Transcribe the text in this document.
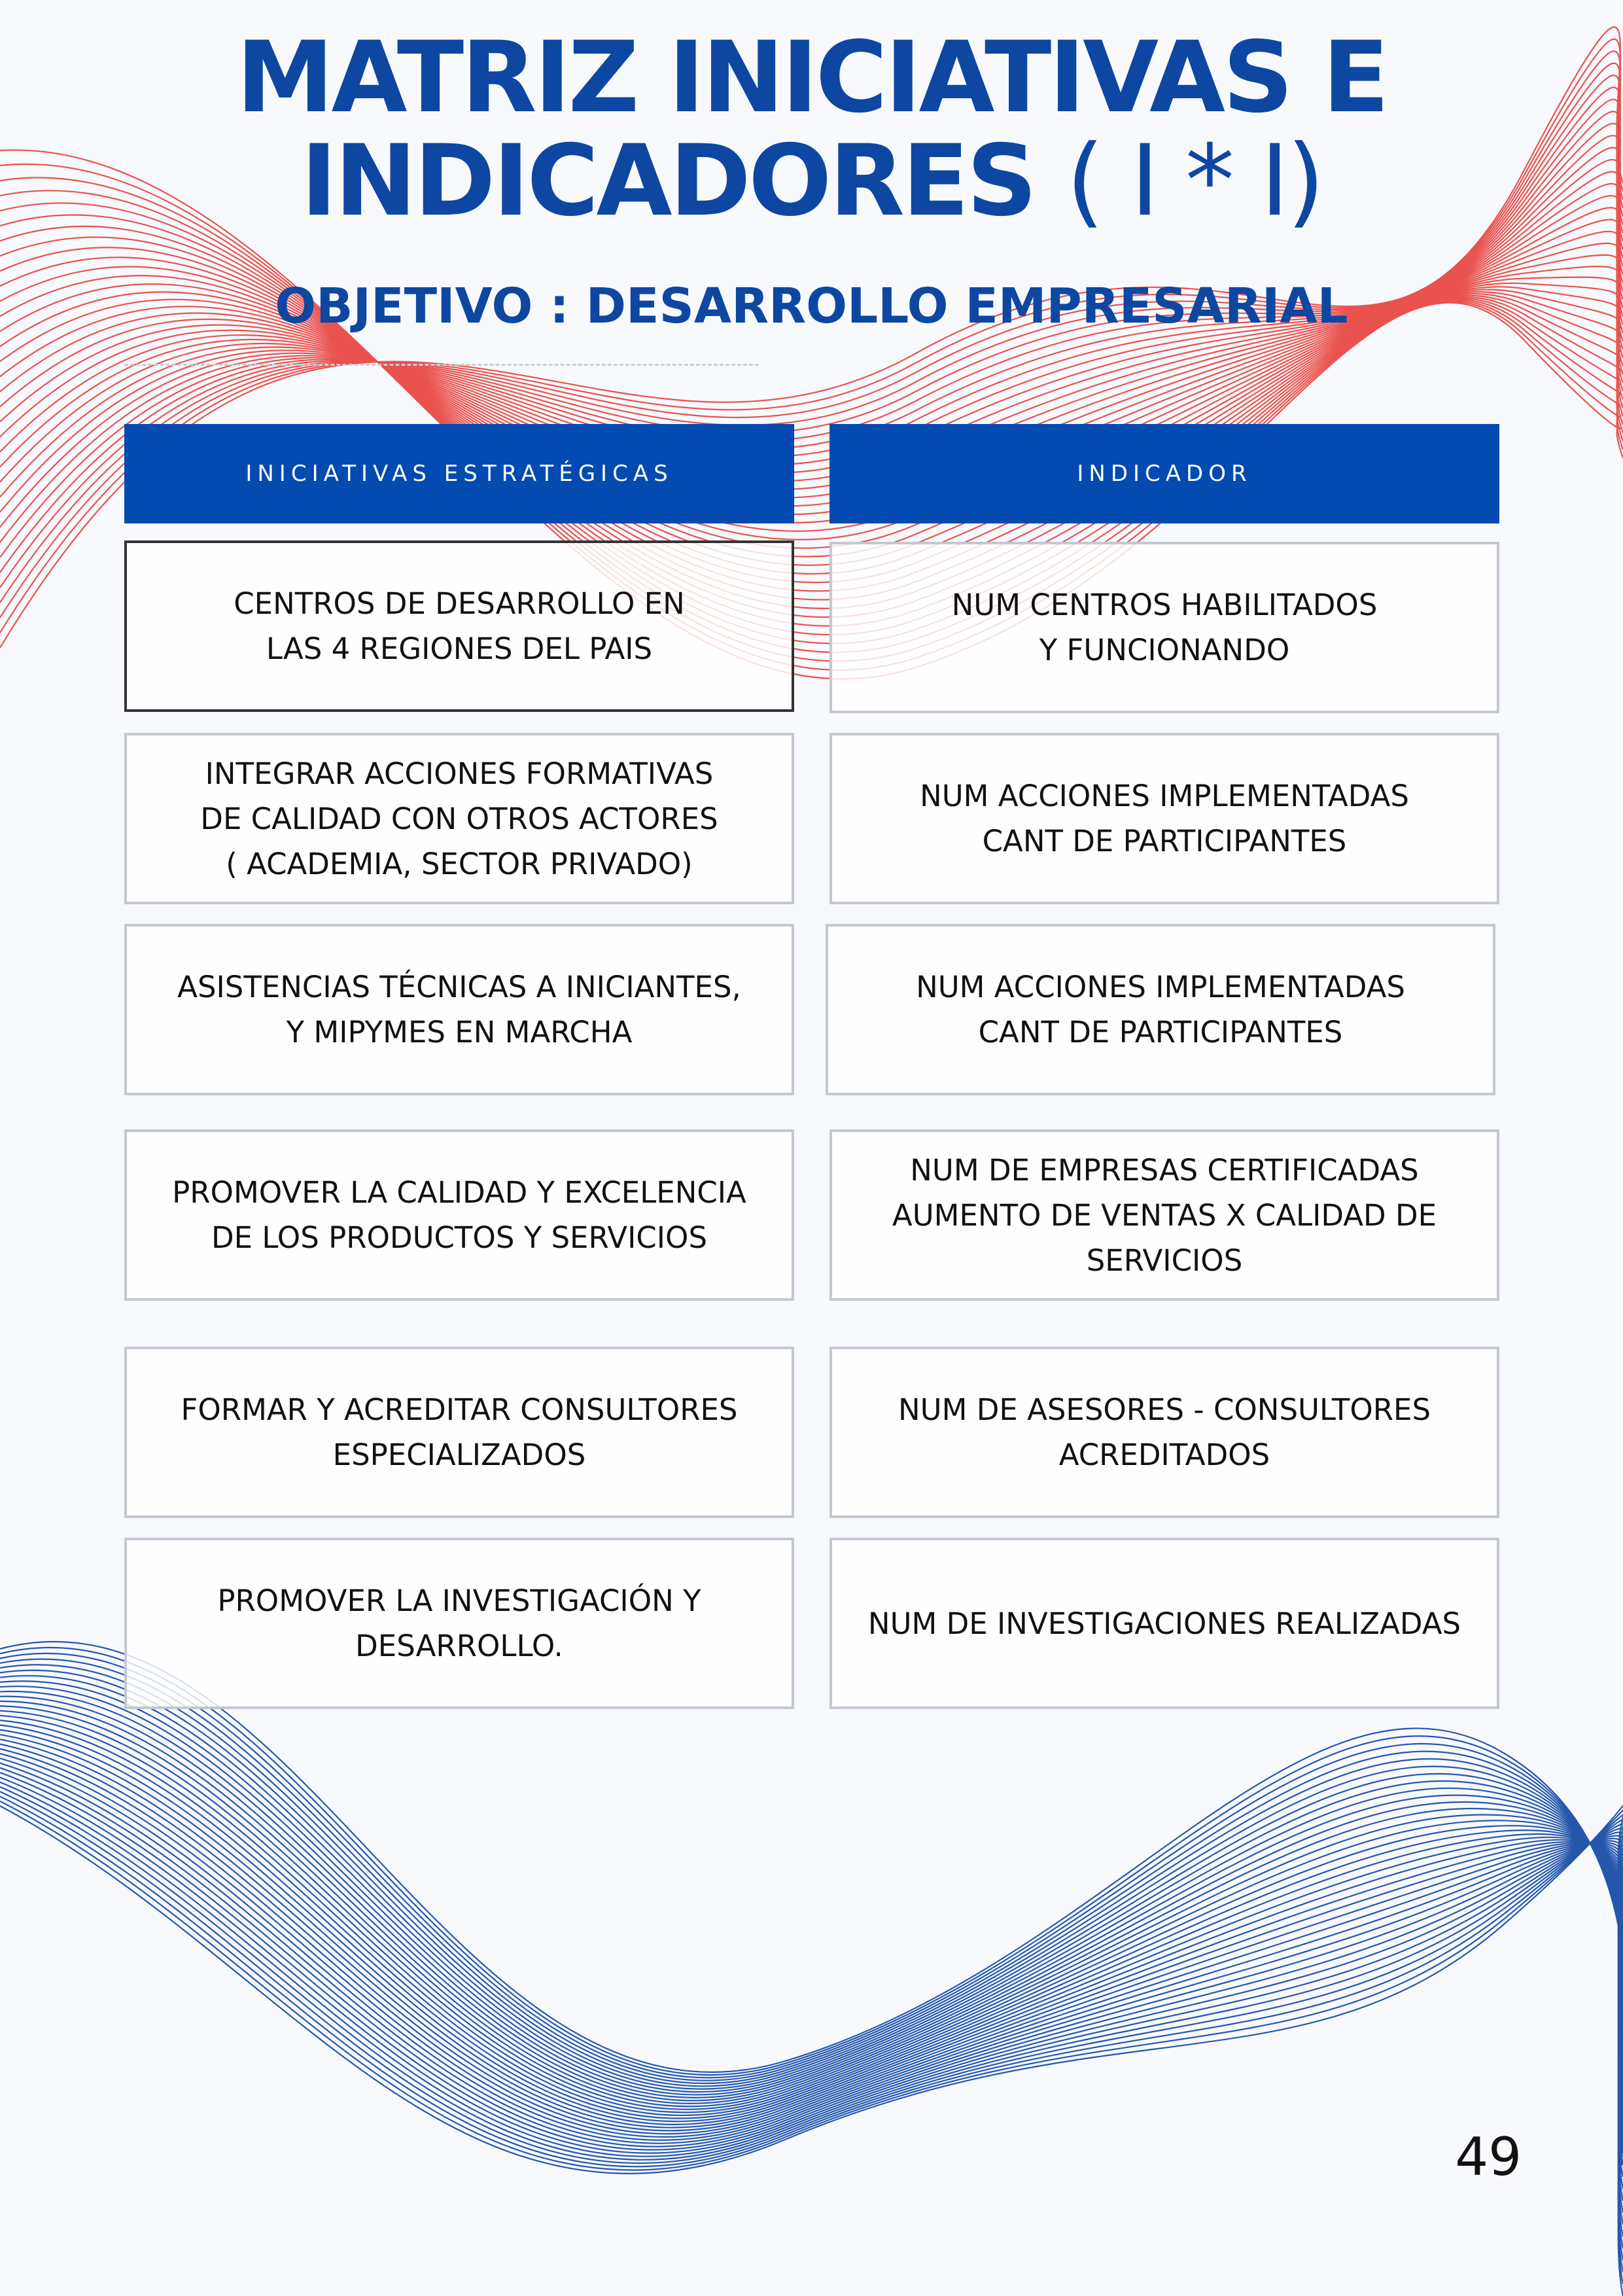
MATRIZ INICIATIVAS E
INDICADORES ( I * I)
OBJETIVO : DESARROLLO EMPRESARIAL
INICIATIVAS ESTRATÉGICAS	INDICADOR
CENTROS DE DESARROLLO EN
LAS 4 REGIONES DEL PAIS
NUM CENTROS HABILITADOS
Y FUNCIONANDO
INTEGRAR ACCIONES FORMATIVAS
DE CALIDAD CON OTROS ACTORES
( ACADEMIA, SECTOR PRIVADO)
NUM ACCIONES IMPLEMENTADAS
CANT DE PARTICIPANTES
ASISTENCIAS TÉCNICAS A INICIANTES,
Y MIPYMES EN MARCHA
NUM ACCIONES IMPLEMENTADAS
CANT DE PARTICIPANTES
PROMOVER LA CALIDAD Y EXCELENCIA
DE LOS PRODUCTOS Y SERVICIOS
NUM DE EMPRESAS CERTIFICADAS
AUMENTO DE VENTAS X CALIDAD DE
SERVICIOS
FORMAR Y ACREDITAR CONSULTORES
ESPECIALIZADOS
NUM DE ASESORES - CONSULTORES
ACREDITADOS
PROMOVER LA INVESTIGACIÓN Y
DESARROLLO.
NUM DE INVESTIGACIONES REALIZADAS
49
